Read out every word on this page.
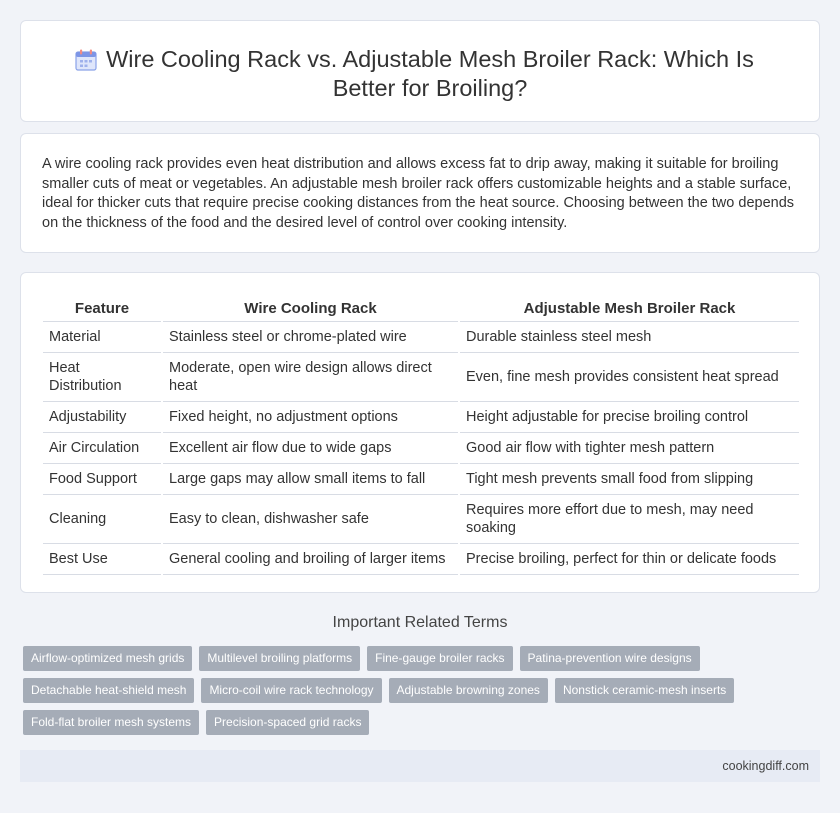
Wire Cooling Rack vs. Adjustable Mesh Broiler Rack: Which Is Better for Broiling?

A wire cooling rack provides even heat distribution and allows excess fat to drip away, making it suitable for broiling smaller cuts of meat or vegetables. An adjustable mesh broiler rack offers customizable heights and a stable surface, ideal for thicker cuts that require precise cooking distances from the heat source. Choosing between the two depends on the thickness of the food and the desired level of control over cooking intensity.

Feature	Wire Cooling Rack	Adjustable Mesh Broiler Rack
Material	Stainless steel or chrome-plated wire	Durable stainless steel mesh
Heat Distribution	Moderate, open wire design allows direct heat	Even, fine mesh provides consistent heat spread
Adjustability	Fixed height, no adjustment options	Height adjustable for precise broiling control
Air Circulation	Excellent air flow due to wide gaps	Good air flow with tighter mesh pattern
Food Support	Large gaps may allow small items to fall	Tight mesh prevents small food from slipping
Cleaning	Easy to clean, dishwasher safe	Requires more effort due to mesh, may need soaking
Best Use	General cooling and broiling of larger items	Precise broiling, perfect for thin or delicate foods
Important Related Terms
Airflow-optimized mesh grids	Multilevel broiling platforms	Fine-gauge broiler racks	Patina-prevention wire designs
Detachable heat-shield mesh	Micro-coil wire rack technology	Adjustable browning zones	Nonstick ceramic-mesh inserts
Fold-flat broiler mesh systems	Precision-spaced grid racks
cookingdiff.com
